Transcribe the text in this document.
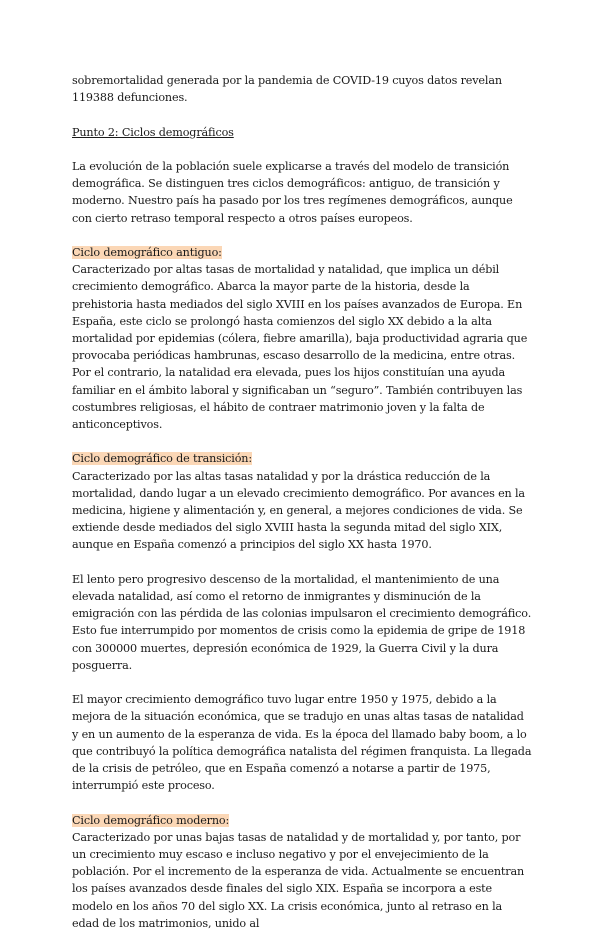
sobremortalidad generada por la pandemia de COVID-19 cuyos datos revelan 119388 defunciones.

Punto 2: Ciclos demográficos

La evolución de la población suele explicarse a través del modelo de transición demográfica. Se distinguen tres ciclos demográficos: antiguo, de transición y moderno. Nuestro país ha pasado por los tres regímenes demográficos, aunque con cierto retraso temporal respecto a otros países europeos.

Ciclo demográfico antiguo:

Caracterizado por altas tasas de mortalidad y natalidad, que implica un débil crecimiento demográfico. Abarca la mayor parte de la historia, desde la prehistoria hasta mediados del siglo XVIII en los países avanzados de Europa. En España, este ciclo se prolongó hasta comienzos del siglo XX debido a la alta mortalidad por epidemias (cólera, fiebre amarilla), baja productividad agraria que provocaba periódicas hambrunas, escaso desarrollo de la medicina, entre otras.

Por el contrario, la natalidad era elevada, pues los hijos constituían una ayuda familiar en el ámbito laboral y significaban un “seguro”. También contribuyen las costumbres religiosas, el hábito de contraer matrimonio joven y la falta de anticonceptivos.

Ciclo demográfico de transición:

Caracterizado por las altas tasas natalidad y por la drástica reducción de la mortalidad, dando lugar a un elevado crecimiento demográfico. Por avances en la medicina, higiene y alimentación y, en general, a mejores condiciones de vida. Se extiende desde mediados del siglo XVIII hasta la segunda mitad del siglo XIX, aunque en España comenzó a principios del siglo XX hasta 1970.

El lento pero progresivo descenso de la mortalidad, el mantenimiento de una elevada natalidad, así como el retorno de inmigrantes y disminución de la emigración con las pérdida de las colonias impulsaron el crecimiento demográfico. Esto fue interrumpido por momentos de crisis como la epidemia de gripe de 1918 con 300000 muertes, depresión económica de 1929, la Guerra Civil y la dura posguerra.

El mayor crecimiento demográfico tuvo lugar entre 1950 y 1975, debido a la mejora de la situación económica, que se tradujo en unas altas tasas de natalidad y en un aumento de la esperanza de vida. Es la época del llamado baby boom, a lo que contribuyó la política demográfica natalista del régimen franquista. La llegada de la crisis de petróleo, que en España comenzó a notarse a partir de 1975, interrumpió este proceso.

Ciclo demográfico moderno:

Caracterizado por unas bajas tasas de natalidad y de mortalidad y, por tanto, por un crecimiento muy escaso e incluso negativo y por el envejecimiento de la población. Por el incremento de la esperanza de vida. Actualmente se encuentran los países avanzados desde finales del siglo XIX. España se incorpora a este modelo en los años 70 del siglo XX. La crisis económica, junto al retraso en la edad de los matrimonios, unido al
